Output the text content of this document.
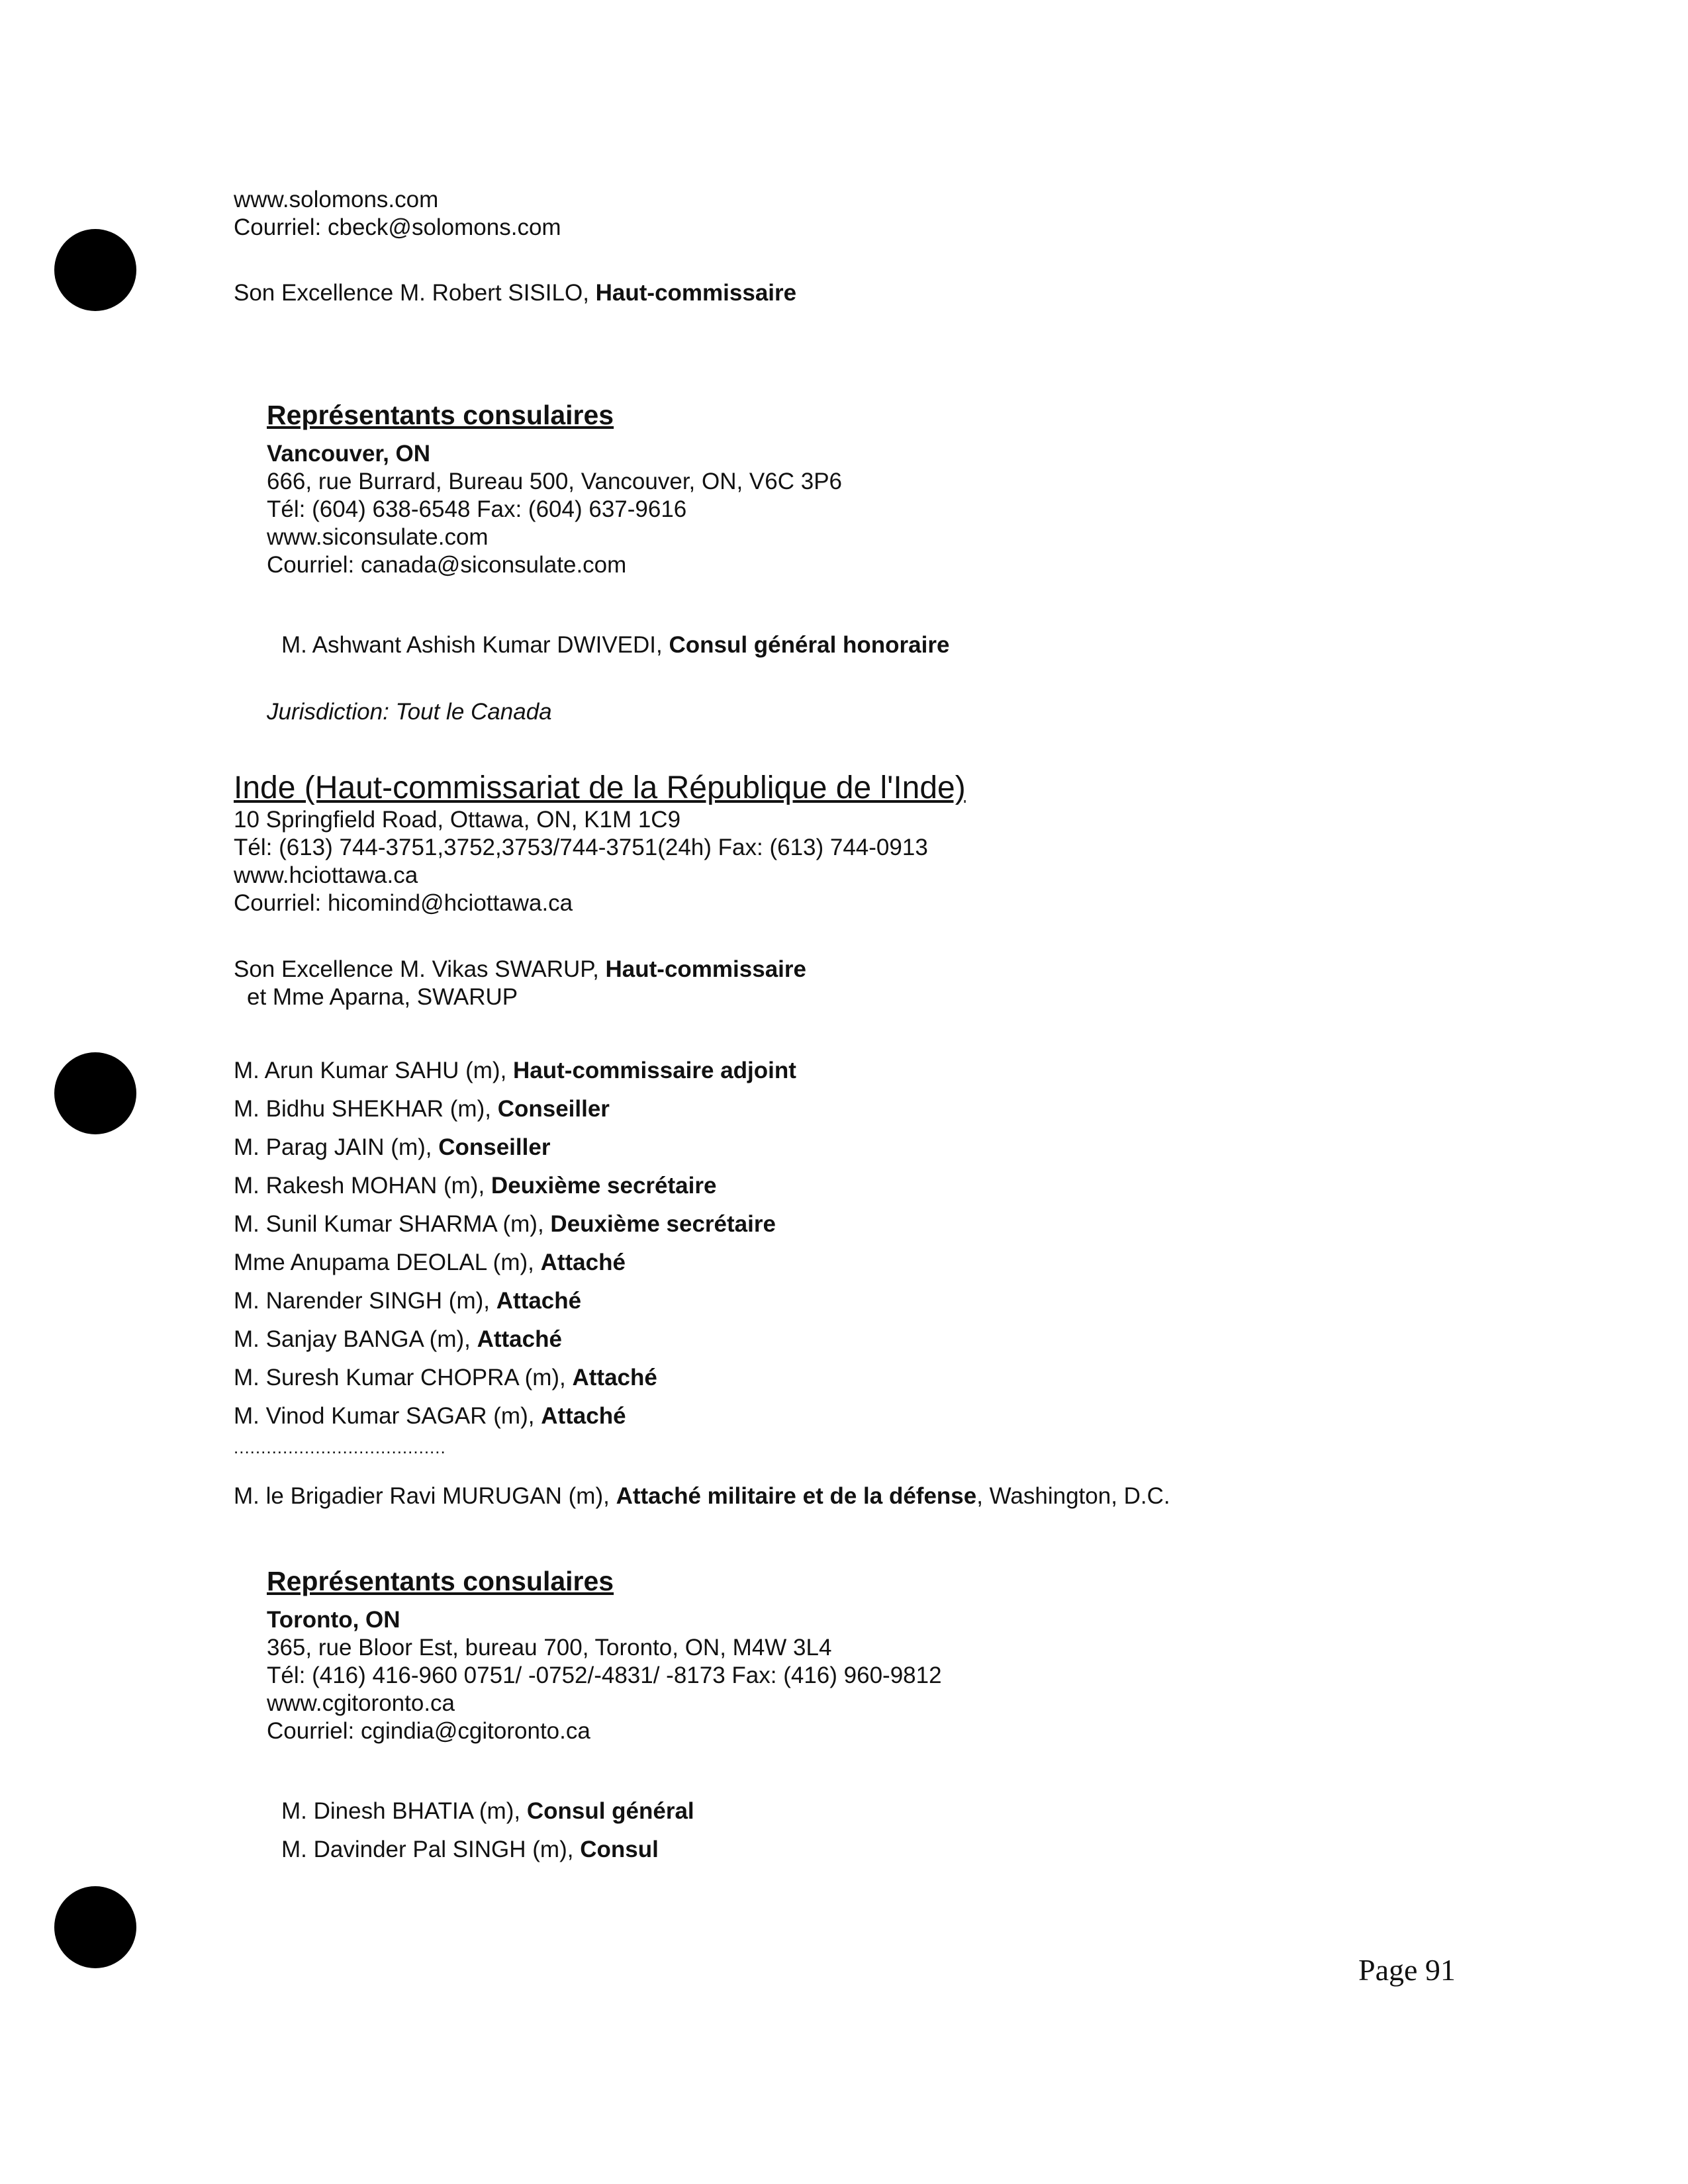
www.solomons.com
Courriel: cbeck@solomons.com
Son Excellence M. Robert SISILO, Haut-commissaire
Représentants consulaires
Vancouver, ON
666, rue Burrard, Bureau 500, Vancouver, ON, V6C 3P6
Tél: (604) 638-6548 Fax: (604) 637-9616
www.siconsulate.com
Courriel: canada@siconsulate.com
M. Ashwant Ashish Kumar DWIVEDI, Consul général honoraire
Jurisdiction: Tout le Canada
Inde (Haut-commissariat de la République de l'Inde)
10 Springfield Road, Ottawa, ON, K1M 1C9
Tél: (613) 744-3751,3752,3753/744-3751(24h) Fax: (613) 744-0913
www.hciottawa.ca
Courriel: hicomind@hciottawa.ca
Son Excellence M. Vikas SWARUP, Haut-commissaire
et Mme Aparna, SWARUP
M. Arun Kumar SAHU (m), Haut-commissaire adjoint
M. Bidhu SHEKHAR (m), Conseiller
M. Parag JAIN (m), Conseiller
M. Rakesh MOHAN (m), Deuxième secrétaire
M. Sunil Kumar SHARMA (m), Deuxième secrétaire
Mme Anupama DEOLAL (m), Attaché
M. Narender SINGH (m), Attaché
M. Sanjay BANGA (m), Attaché
M. Suresh Kumar CHOPRA (m), Attaché
M. Vinod Kumar SAGAR (m), Attaché
.......................................
M. le Brigadier Ravi MURUGAN (m), Attaché militaire et de la défense, Washington, D.C.
Représentants consulaires
Toronto, ON
365, rue Bloor Est, bureau 700, Toronto, ON, M4W 3L4
Tél: (416) 416-960 0751/ -0752/-4831/ -8173 Fax: (416) 960-9812
www.cgitoronto.ca
Courriel: cgindia@cgitoronto.ca
M. Dinesh BHATIA (m), Consul général
M. Davinder Pal SINGH (m), Consul
Page 91
